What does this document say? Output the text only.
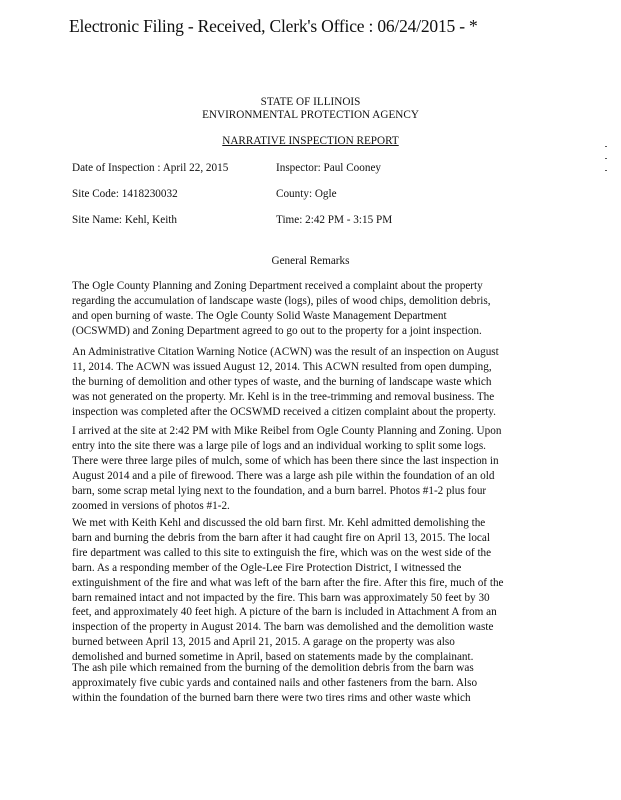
Electronic Filing - Received, Clerk's Office : 06/24/2015 - *
STATE OF ILLINOIS
ENVIRONMENTAL PROTECTION AGENCY
NARRATIVE INSPECTION REPORT
Date of Inspection : April 22, 2015	Inspector: Paul Cooney
Site Code: 1418230032	County: Ogle
Site Name: Kehl, Keith	Time: 2:42 PM - 3:15 PM
General Remarks
The Ogle County Planning and Zoning Department received a complaint about the property
regarding the accumulation of landscape waste (logs), piles of wood chips, demolition debris,
and open burning of waste. The Ogle County Solid Waste Management Department
(OCSWMD) and Zoning Department agreed to go out to the property for a joint inspection.
An Administrative Citation Warning Notice (ACWN) was the result of an inspection on August
11, 2014. The ACWN was issued August 12, 2014. This ACWN resulted from open dumping,
the burning of demolition and other types of waste, and the burning of landscape waste which
was not generated on the property. Mr. Kehl is in the tree-trimming and removal business. The
inspection was completed after the OCSWMD received a citizen complaint about the property.
I arrived at the site at 2:42 PM with Mike Reibel from Ogle County Planning and Zoning. Upon
entry into the site there was a large pile of logs and an individual working to split some logs.
There were three large piles of mulch, some of which has been there since the last inspection in
August 2014 and a pile of firewood. There was a large ash pile within the foundation of an old
barn, some scrap metal lying next to the foundation, and a burn barrel. Photos #1-2 plus four
zoomed in versions of photos #1-2.
We met with Keith Kehl and discussed the old barn first. Mr. Kehl admitted demolishing the
barn and burning the debris from the barn after it had caught fire on April 13, 2015. The local
fire department was called to this site to extinguish the fire, which was on the west side of the
barn. As a responding member of the Ogle-Lee Fire Protection District, I witnessed the
extinguishment of the fire and what was left of the barn after the fire. After this fire, much of the
barn remained intact and not impacted by the fire. This barn was approximately 50 feet by 30
feet, and approximately 40 feet high. A picture of the barn is included in Attachment A from an
inspection of the property in August 2014. The barn was demolished and the demolition waste
burned between April 13, 2015 and April 21, 2015. A garage on the property was also
demolished and burned sometime in April, based on statements made by the complainant.
The ash pile which remained from the burning of the demolition debris from the barn was
approximately five cubic yards and contained nails and other fasteners from the barn. Also
within the foundation of the burned barn there were two tires rims and other waste which
